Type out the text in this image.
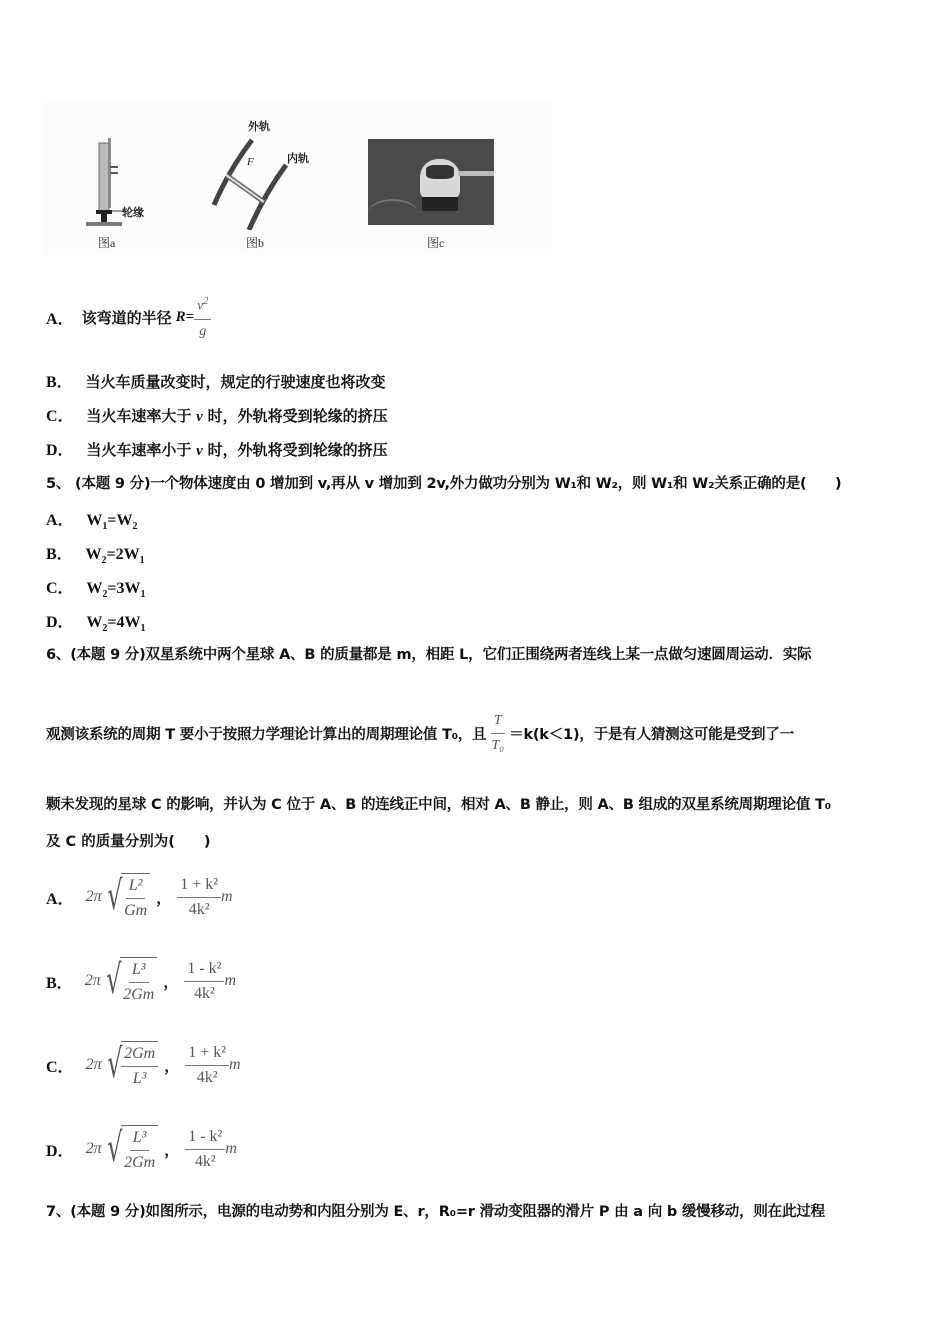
轮缘
图a
外轨
内轨
F
图b	图c
A． 该弯道的半径 $R= \frac{v^2}{g}$
B． 当火车质量改变时，规定的行驶速度也将改变
C． 当火车速率大于 v 时，外轨将受到轮缘的挤压
D． 当火车速率小于 v 时，外轨将受到轮缘的挤压
5、 (本题 9 分)一个物体速度由 0 增加到 v,再从 v 增加到 2v,外力做功分别为 W₁和 W₂，则 W₁和 W₂关系正确的是(　　)
A． $W_1=W_2$
B． $W_2=2W_1$
C． $W_2=3W_1$
D． $W_2=4W_1$
6、(本题 9 分)双星系统中两个星球 A、B 的质量都是 m，相距 L，它们正围绕两者连线上某一点做匀速圆周运动．实际
观测该系统的周期 T 要小于按照力学理论计算出的周期理论值 T₀，且 $\frac{T}{\text{T₀}} =k(k<1)$，于是有人猜测这可能是受到了一
颗未发现的星球 C 的影响，并认为 C 位于 A、B 的连线正中间，相对 A、B 静止，则 A、B 组成的双星系统周期理论值 T₀
及 C 的质量分别为(　　)
A． 2π √ $\frac{\text{L²}}{Gm}$ ， $\frac{\text{1 + k²}}{\text{4k²}}$ m
B． 2π √ $\frac{\text{L³}}{2Gm}$ ， $\frac{\text{1 - k²}}{\text{4k²}}$ m
C． 2π √ $\frac{2Gm}{\text{L³}}$ ， $\frac{\text{1 + k²}}{\text{4k²}}$ m
D． 2π √ $\frac{\text{L³}}{2Gm}$ ， $\frac{\text{1 - k²}}{\text{4k²}}$ m
7、(本题 9 分)如图所示，电源的电动势和内阻分别为 E、r，R₀=r 滑动变阻器的滑片 P 由 a 向 b 缓慢移动，则在此过程
